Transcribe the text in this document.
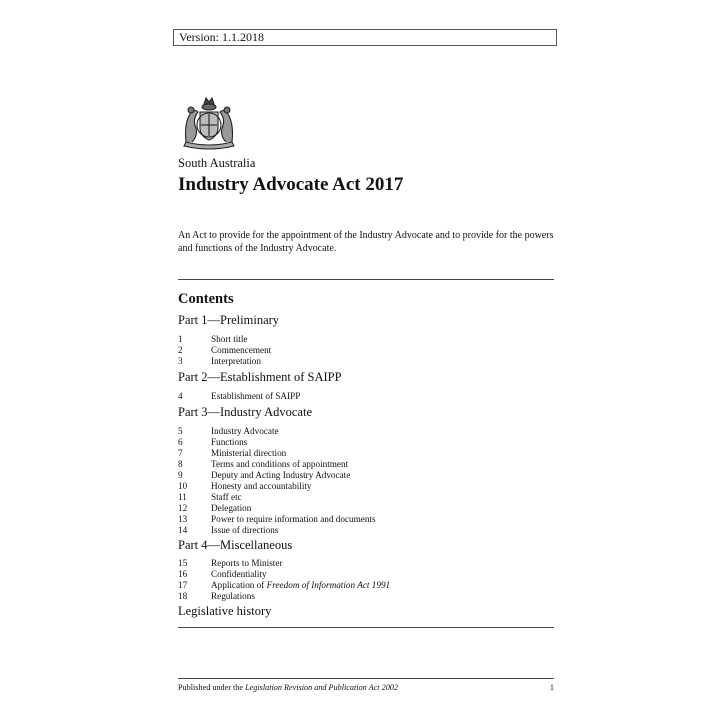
Version: 1.1.2018
South Australia
Industry Advocate Act 2017
An Act to provide for the appointment of the Industry Advocate and to provide for the powers and functions of the Industry Advocate.
Contents
Part 1—Preliminary
1	Short title
2	Commencement
3	Interpretation
Part 2—Establishment of SAIPP
4	Establishment of SAIPP
Part 3—Industry Advocate
5	Industry Advocate
6	Functions
7	Ministerial direction
8	Terms and conditions of appointment
9	Deputy and Acting Industry Advocate
10	Honesty and accountability
11	Staff etc
12	Delegation
13	Power to require information and documents
14	Issue of directions
Part 4—Miscellaneous
15	Reports to Minister
16	Confidentiality
17	Application of Freedom of Information Act 1991
18	Regulations
Legislative history
Published under the Legislation Revision and Publication Act 2002	1
